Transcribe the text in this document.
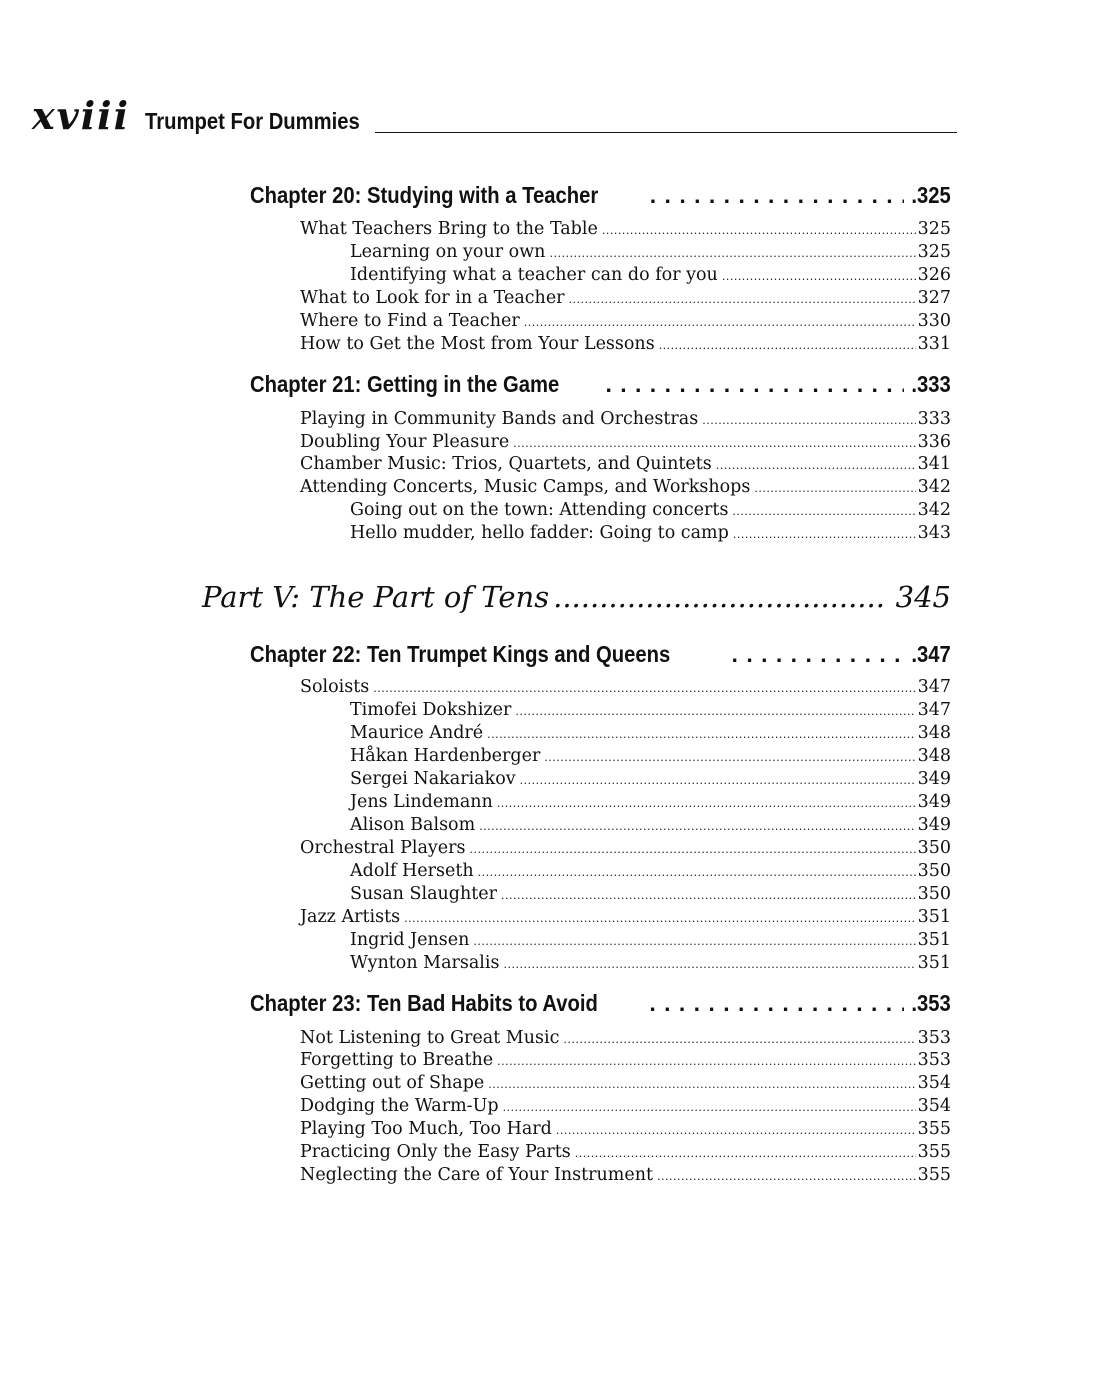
xviii Trumpet For Dummies
Chapter 20: Studying with a Teacher . . .	.325
What Teachers Bring to the Table .....	325
Learning on your own .....	325
Identifying what a teacher can do for you .....	326
What to Look for in a Teacher .....	327
Where to Find a Teacher .....	330
How to Get the Most from Your Lessons .....	331
Chapter 21: Getting in the Game . . .	.333
Playing in Community Bands and Orchestras .....	333
Doubling Your Pleasure .....	336
Chamber Music: Trios, Quartets, and Quintets .....	341
Attending Concerts, Music Camps, and Workshops .....	342
Going out on the town: Attending concerts .....	342
Hello mudder, hello fadder: Going to camp .....	343
Part V: The Part of Tens .....	345
Chapter 22: Ten Trumpet Kings and Queens . . .	.347
Soloists .....	347
Timofei Dokshizer .....	347
Maurice André .....	348
Håkan Hardenberger .....	348
Sergei Nakariakov .....	349
Jens Lindemann .....	349
Alison Balsom .....	349
Orchestral Players .....	350
Adolf Herseth .....	350
Susan Slaughter .....	350
Jazz Artists .....	351
Ingrid Jensen .....	351
Wynton Marsalis .....	351
Chapter 23: Ten Bad Habits to Avoid . . .	.353
Not Listening to Great Music .....	353
Forgetting to Breathe .....	353
Getting out of Shape .....	354
Dodging the Warm-Up .....	354
Playing Too Much, Too Hard .....	355
Practicing Only the Easy Parts .....	355
Neglecting the Care of Your Instrument .....	355
